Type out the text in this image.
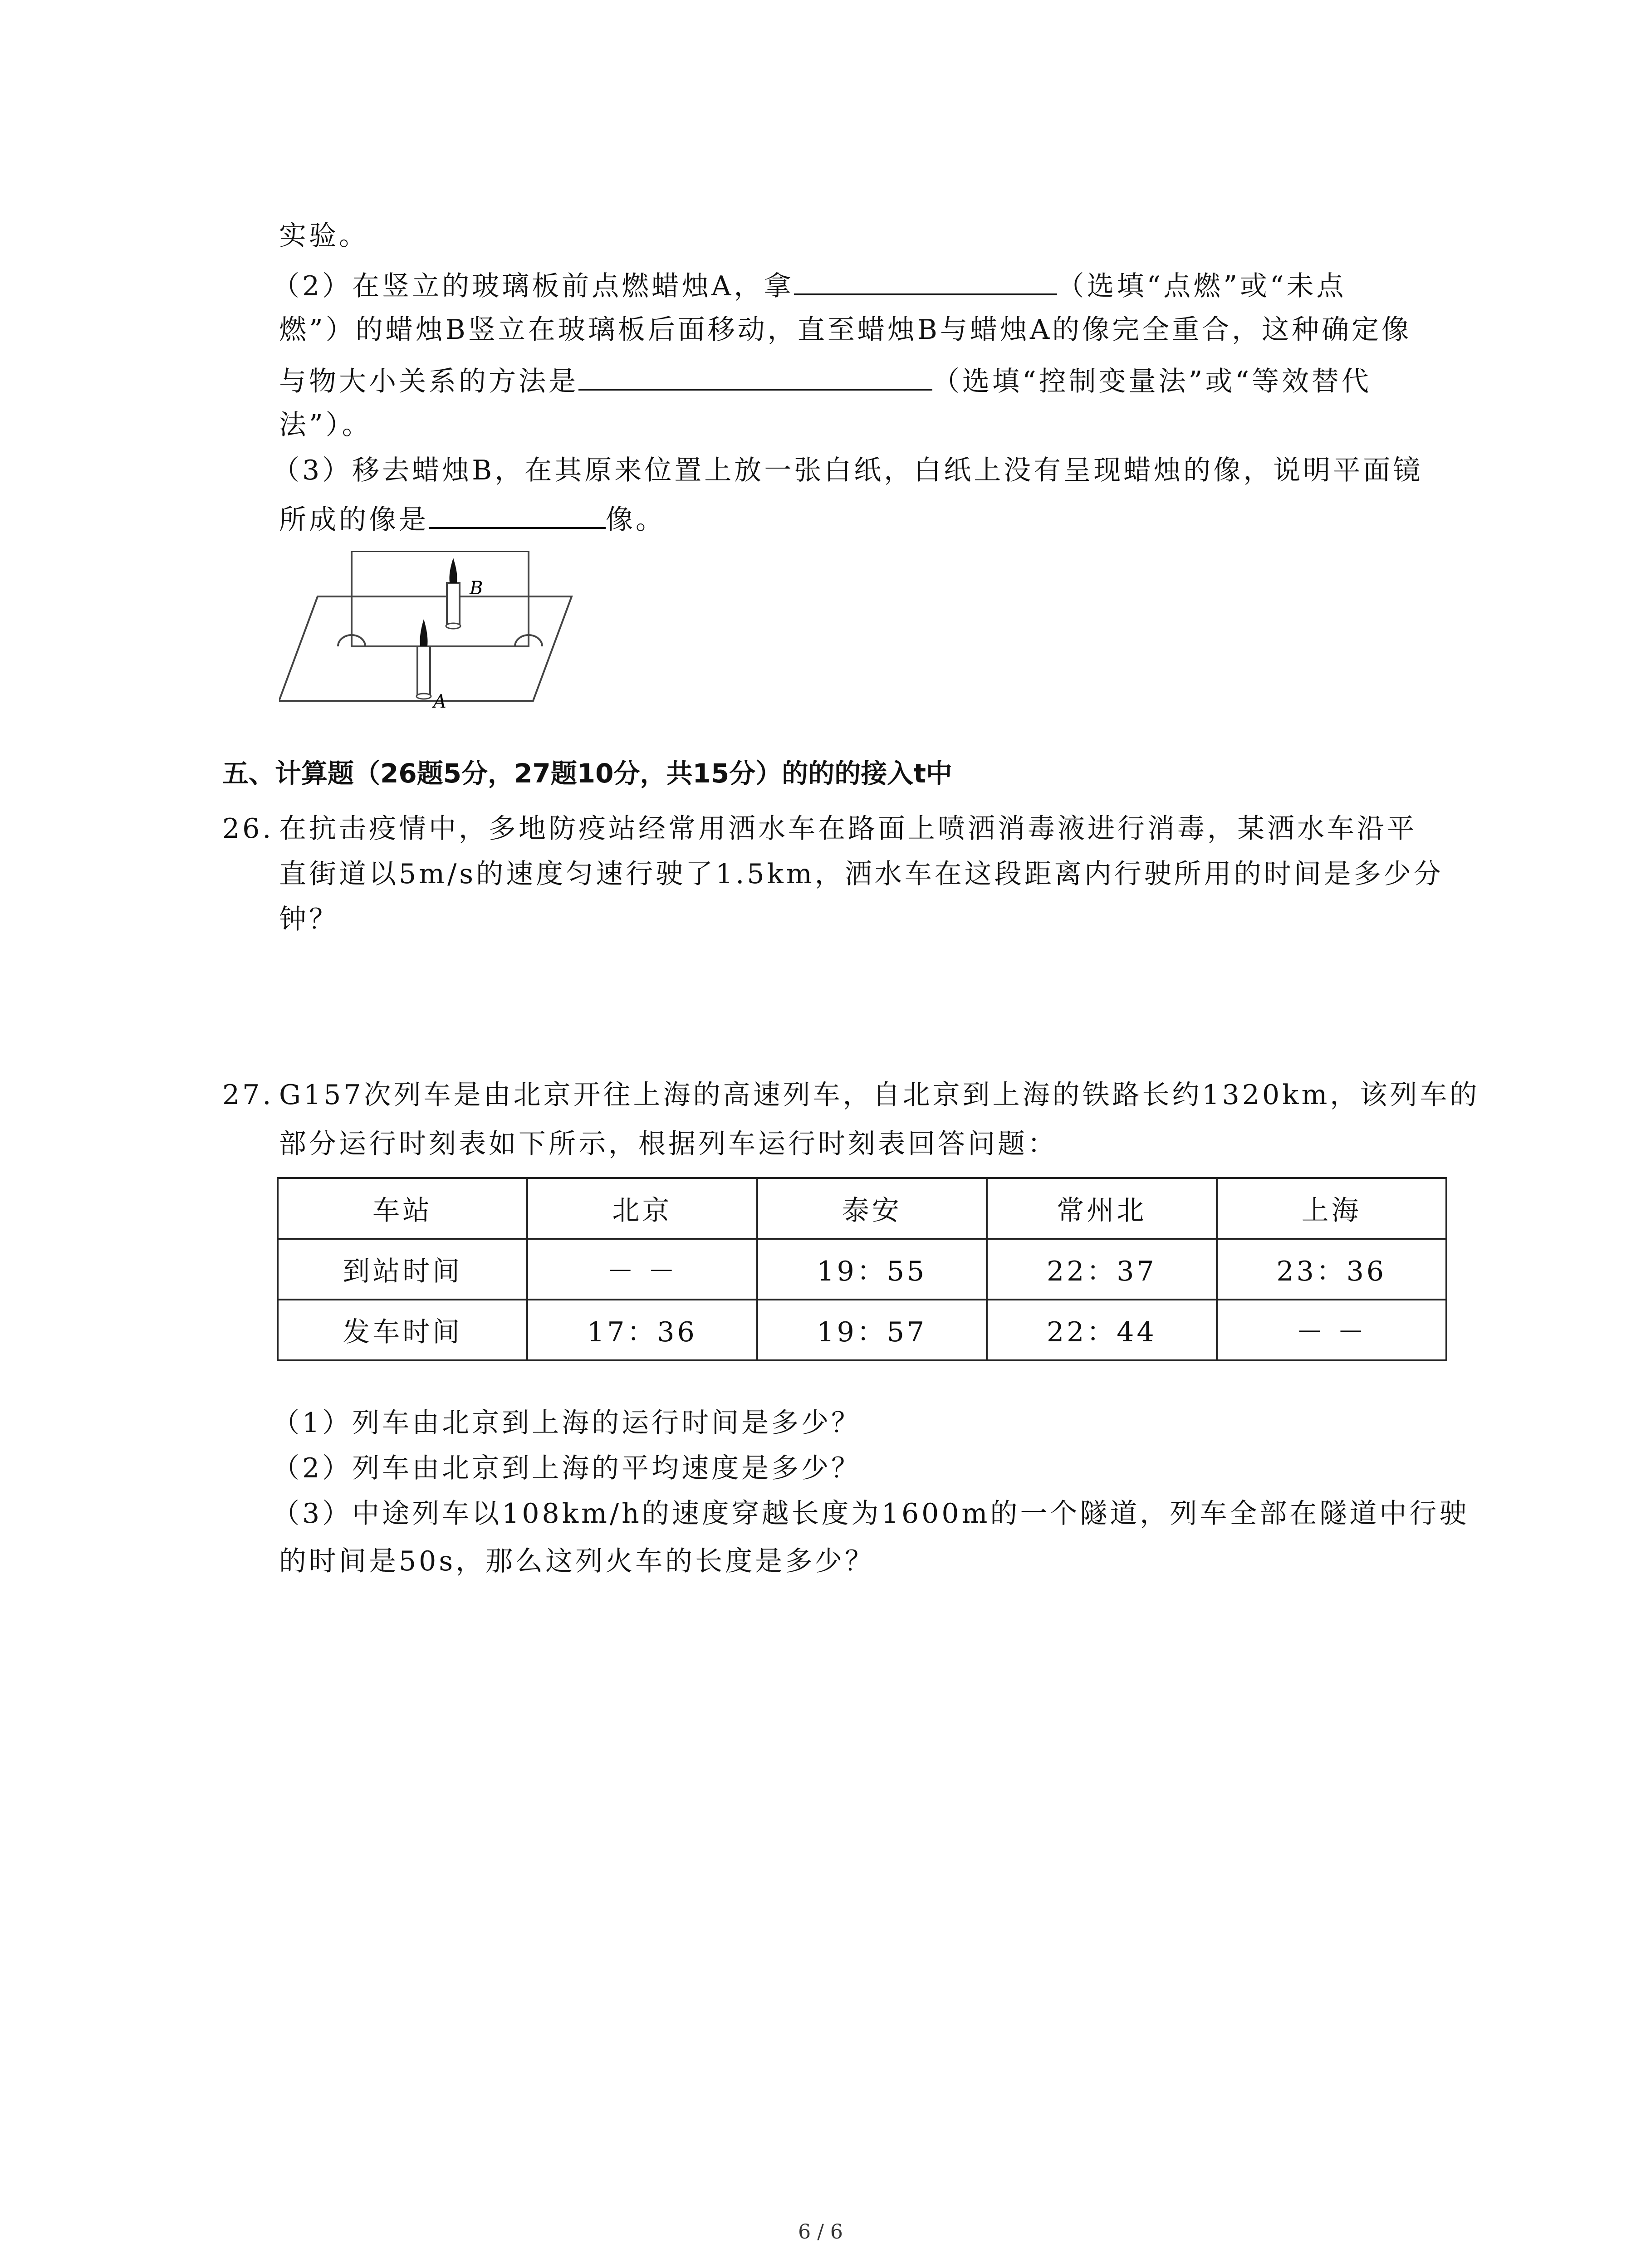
实验。
（2）在竖立的玻璃板前点燃蜡烛A，拿	（选填“点燃”或“未点
燃”）的蜡烛B竖立在玻璃板后面移动，直至蜡烛B与蜡烛A的像完全重合，这种确定像
与物大小关系的方法是	（选填“控制变量法”或“等效替代
法”）。
（3）移去蜡烛B，在其原来位置上放一张白纸，白纸上没有呈现蜡烛的像，说明平面镜
所成的像是	像。
B
A
五、计算题（26题5分，27题10分，共15分）的的的接入t中
26. 在抗击疫情中，多地防疫站经常用洒水车在路面上喷洒消毒液进行消毒，某洒水车沿平
直街道以5m/s的速度匀速行驶了1.5km，洒水车在这段距离内行驶所用的时间是多少分
钟？
27. G157次列车是由北京开往上海的高速列车，自北京到上海的铁路长约1320km，该列车的
部分运行时刻表如下所示，根据列车运行时刻表回答问题：
车站	北京	泰安	常州北	上海
到站时间	－ －	19：55	22：37	23：36
发车时间	17：36	19：57	22：44	－ －
（1）列车由北京到上海的运行时间是多少？
（2）列车由北京到上海的平均速度是多少？
（3）中途列车以108km/h的速度穿越长度为1600m的一个隧道，列车全部在隧道中行驶
的时间是50s，那么这列火车的长度是多少？
6 / 6
